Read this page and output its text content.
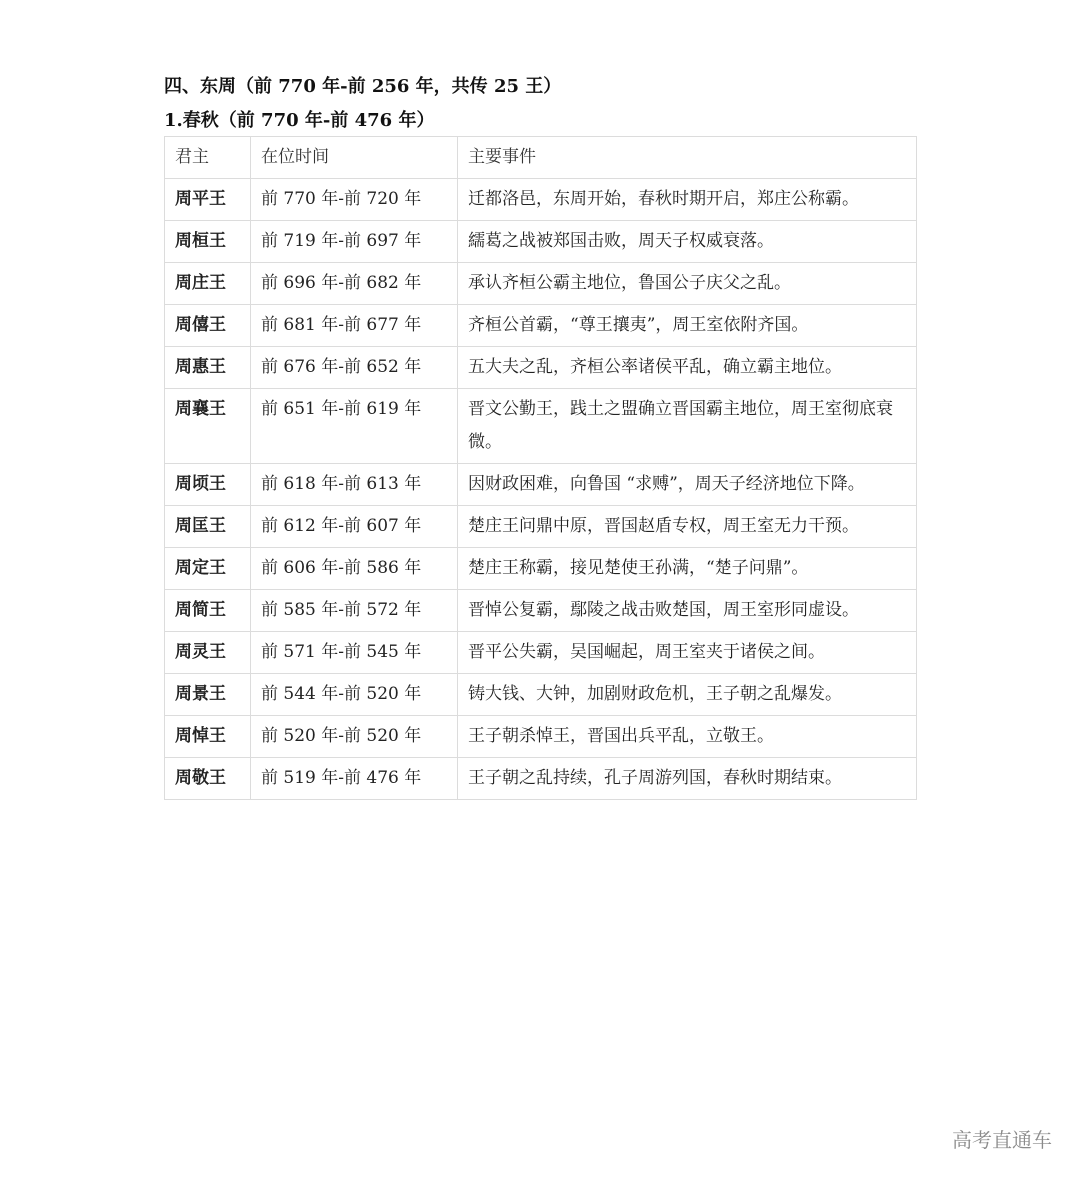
四、东周（前 770 年-前 256 年，共传 25 王）
1.春秋（前 770 年-前 476 年）
君主	在位时间	主要事件
周平王	前 770 年-前 720 年	迁都洛邑，东周开始，春秋时期开启，郑庄公称霸。
周桓王	前 719 年-前 697 年	繻葛之战被郑国击败，周天子权威衰落。
周庄王	前 696 年-前 682 年	承认齐桓公霸主地位，鲁国公子庆父之乱。
周僖王	前 681 年-前 677 年	齐桓公首霸，“尊王攘夷”，周王室依附齐国。
周惠王	前 676 年-前 652 年	五大夫之乱，齐桓公率诸侯平乱，确立霸主地位。
周襄王	前 651 年-前 619 年	晋文公勤王，践土之盟确立晋国霸主地位，周王室彻底衰微。
周顷王	前 618 年-前 613 年	因财政困难，向鲁国 “求赙”，周天子经济地位下降。
周匡王	前 612 年-前 607 年	楚庄王问鼎中原，晋国赵盾专权，周王室无力干预。
周定王	前 606 年-前 586 年	楚庄王称霸，接见楚使王孙满，“楚子问鼎”。
周简王	前 585 年-前 572 年	晋悼公复霸，鄢陵之战击败楚国，周王室形同虚设。
周灵王	前 571 年-前 545 年	晋平公失霸，吴国崛起，周王室夹于诸侯之间。
周景王	前 544 年-前 520 年	铸大钱、大钟，加剧财政危机，王子朝之乱爆发。
周悼王	前 520 年-前 520 年	王子朝杀悼王，晋国出兵平乱，立敬王。
周敬王	前 519 年-前 476 年	王子朝之乱持续，孔子周游列国，春秋时期结束。
高考直通车
